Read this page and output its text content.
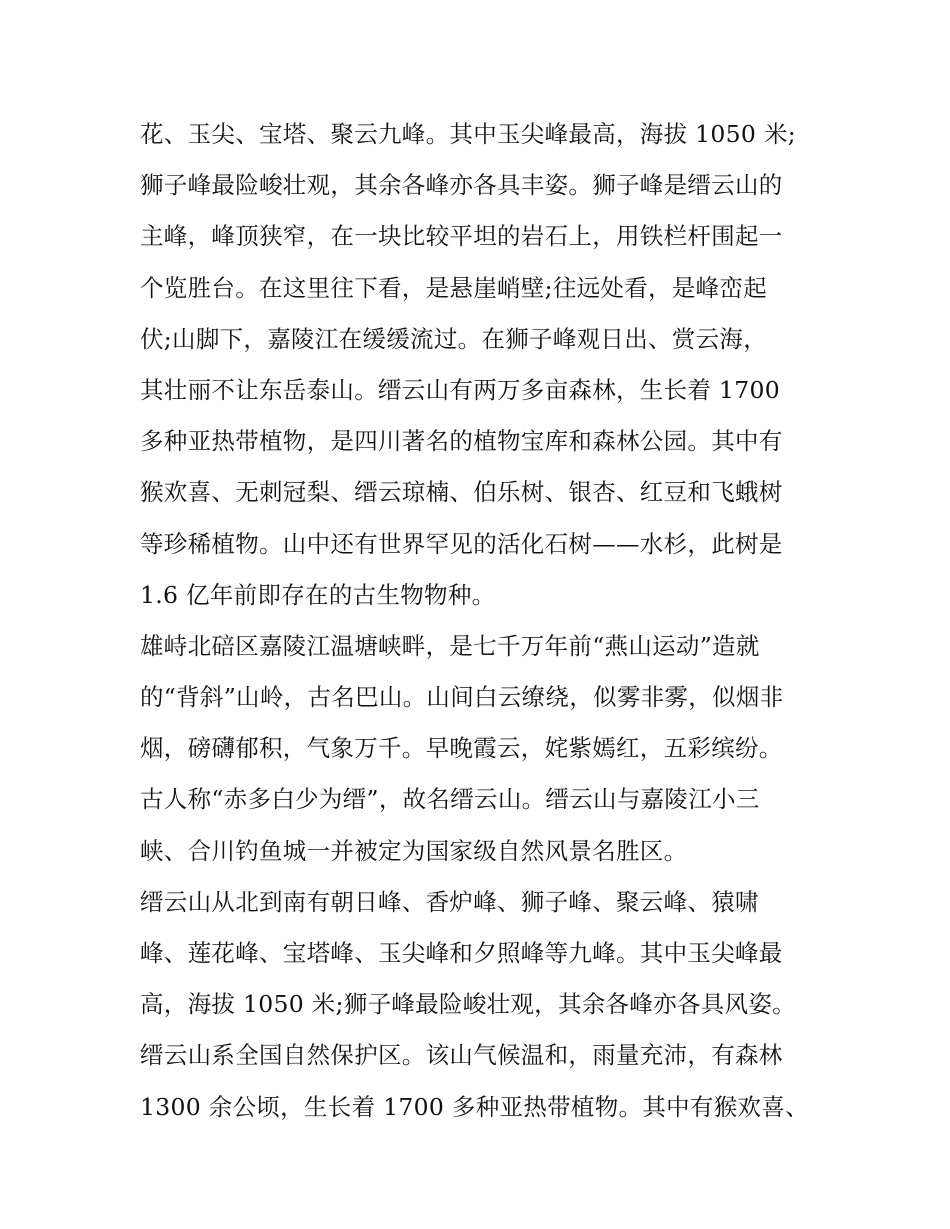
花、玉尖、宝塔、聚云九峰。其中玉尖峰最高，海拔 1050 米;
狮子峰最险峻壮观，其余各峰亦各具丰姿。狮子峰是缙云山的
主峰，峰顶狭窄，在一块比较平坦的岩石上，用铁栏杆围起一
个览胜台。在这里往下看，是悬崖峭壁;往远处看，是峰峦起
伏;山脚下，嘉陵江在缓缓流过。在狮子峰观日出、赏云海，
其壮丽不让东岳泰山。缙云山有两万多亩森林，生长着 1700
多种亚热带植物，是四川著名的植物宝库和森林公园。其中有
猴欢喜、无刺冠梨、缙云琼楠、伯乐树、银杏、红豆和飞蛾树
等珍稀植物。山中还有世界罕见的活化石树——水杉，此树是
1.6 亿年前即存在的古生物物种。
雄峙北碚区嘉陵江温塘峡畔，是七千万年前“燕山运动”造就
的“背斜”山岭，古名巴山。山间白云缭绕，似雾非雾，似烟非
烟，磅礴郁积，气象万千。早晚霞云，姹紫嫣红，五彩缤纷。
古人称“赤多白少为缙”，故名缙云山。缙云山与嘉陵江小三
峡、合川钓鱼城一并被定为国家级自然风景名胜区。
缙云山从北到南有朝日峰、香炉峰、狮子峰、聚云峰、猿啸
峰、莲花峰、宝塔峰、玉尖峰和夕照峰等九峰。其中玉尖峰最
高，海拔 1050 米;狮子峰最险峻壮观，其余各峰亦各具风姿。
缙云山系全国自然保护区。该山气候温和，雨量充沛，有森林
1300 余公顷，生长着 1700 多种亚热带植物。其中有猴欢喜、
